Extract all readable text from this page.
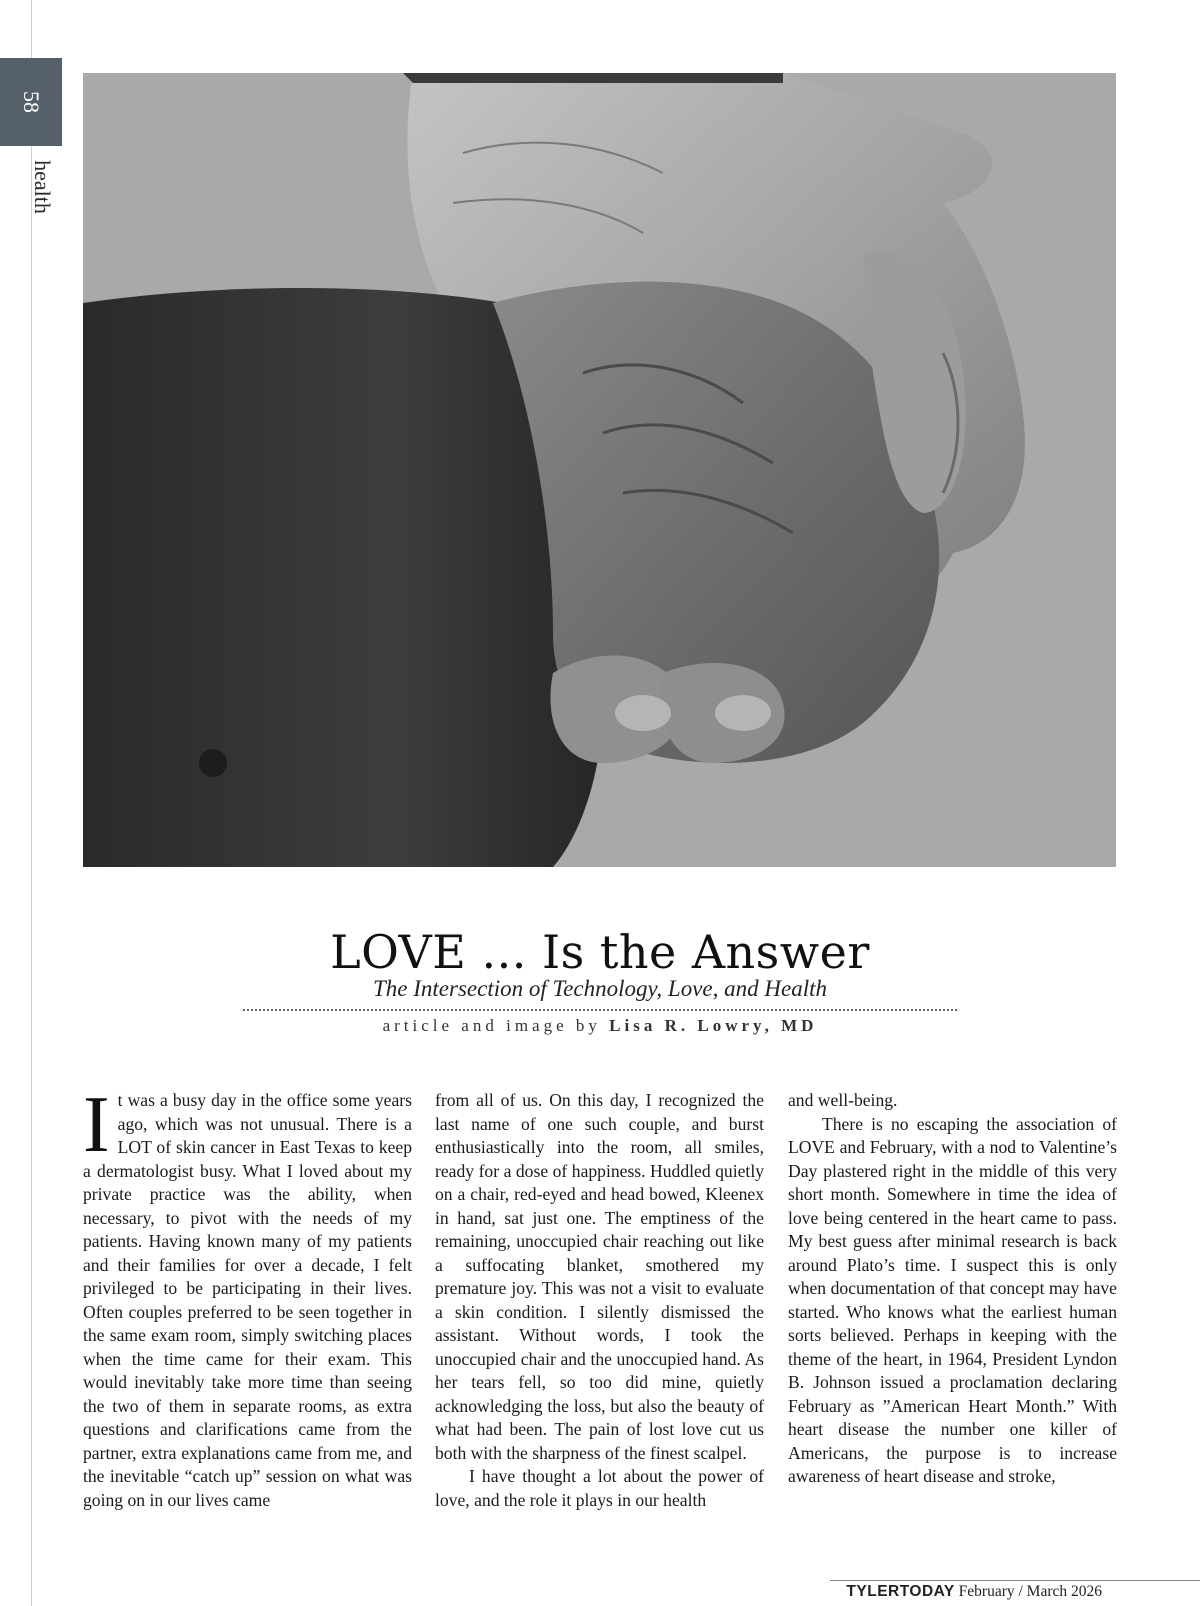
58
health
LOVE ... Is the Answer
The Intersection of Technology, Love, and Health
article and image by Lisa R. Lowry, MD

It was a busy day in the office some years ago, which was not unusual. There is a LOT of skin cancer in East Texas to keep a dermatologist busy. What I loved about my private practice was the ability, when necessary, to pivot with the needs of my patients. Having known many of my patients and their families for over a decade, I felt privileged to be participating in their lives. Often couples preferred to be seen together in the same exam room, simply switching places when the time came for their exam. This would inevitably take more time than seeing the two of them in separate rooms, as extra questions and clarifications came from the partner, extra explanations came from me, and the inevitable “catch up” session on what was going on in our lives came

from all of us. On this day, I recognized the last name of one such couple, and burst enthusiastically into the room, all smiles, ready for a dose of happiness. Huddled quietly on a chair, red-eyed and head bowed, Kleenex in hand, sat just one. The emptiness of the remaining, unoccupied chair reaching out like a suffocating blanket, smothered my premature joy. This was not a visit to evaluate a skin condition. I silently dismissed the assistant. Without words, I took the unoccupied chair and the unoccupied hand. As her tears fell, so too did mine, quietly acknowledging the loss, but also the beauty of what had been. The pain of lost love cut us both with the sharpness of the finest scalpel.

I have thought a lot about the power of love, and the role it plays in our health

and well-being.

There is no escaping the association of LOVE and February, with a nod to Valentine’s Day plastered right in the middle of this very short month. Somewhere in time the idea of love being centered in the heart came to pass. My best guess after minimal research is back around Plato’s time. I suspect this is only when documentation of that concept may have started. Who knows what the earliest human sorts believed. Perhaps in keeping with the theme of the heart, in 1964, President Lyndon B. Johnson issued a proclamation declaring February as ”American Heart Month.” With heart disease the number one killer of Americans, the purpose is to increase awareness of heart disease and stroke,

TYLERTODAY February / March 2026
